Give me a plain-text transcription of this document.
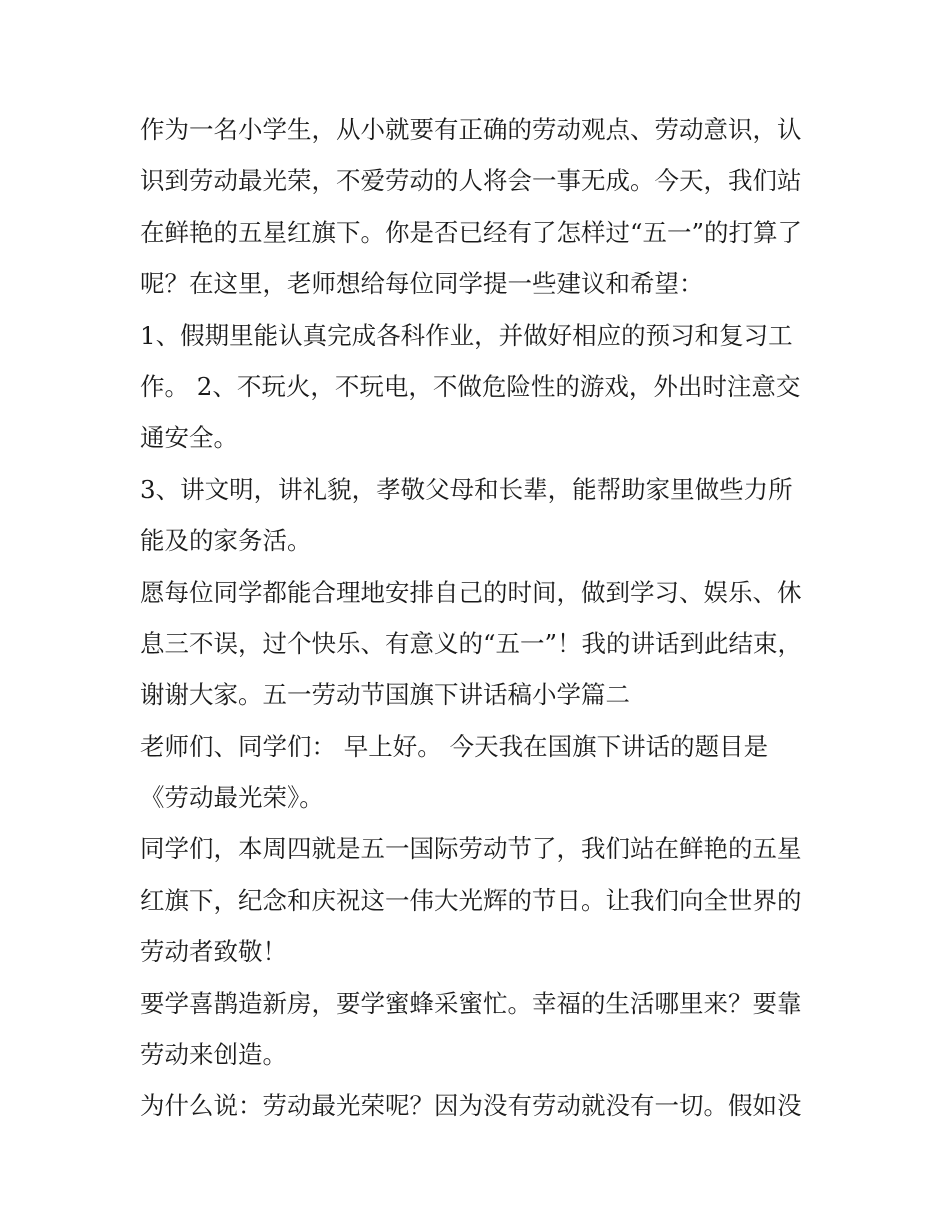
作为一名小学生，从小就要有正确的劳动观点、劳动意识，认
识到劳动最光荣，不爱劳动的人将会一事无成。今天，我们站
在鲜艳的五星红旗下。你是否已经有了怎样过“五一”的打算了
呢？在这里，老师想给每位同学提一些建议和希望：
1、假期里能认真完成各科作业，并做好相应的预习和复习工
作。 2、不玩火，不玩电，不做危险性的游戏，外出时注意交
通安全。
3、讲文明，讲礼貌，孝敬父母和长辈，能帮助家里做些力所
能及的家务活。
愿每位同学都能合理地安排自己的时间，做到学习、娱乐、休
息三不误，过个快乐、有意义的“五一”！我的讲话到此结束，
谢谢大家。五一劳动节国旗下讲话稿小学篇二
老师们、同学们： 早上好。 今天我在国旗下讲话的题目是
《劳动最光荣》。
同学们，本周四就是五一国际劳动节了，我们站在鲜艳的五星
红旗下，纪念和庆祝这一伟大光辉的节日。让我们向全世界的
劳动者致敬！
要学喜鹊造新房，要学蜜蜂采蜜忙。幸福的生活哪里来？要靠
劳动来创造。
为什么说：劳动最光荣呢？因为没有劳动就没有一切。假如没
